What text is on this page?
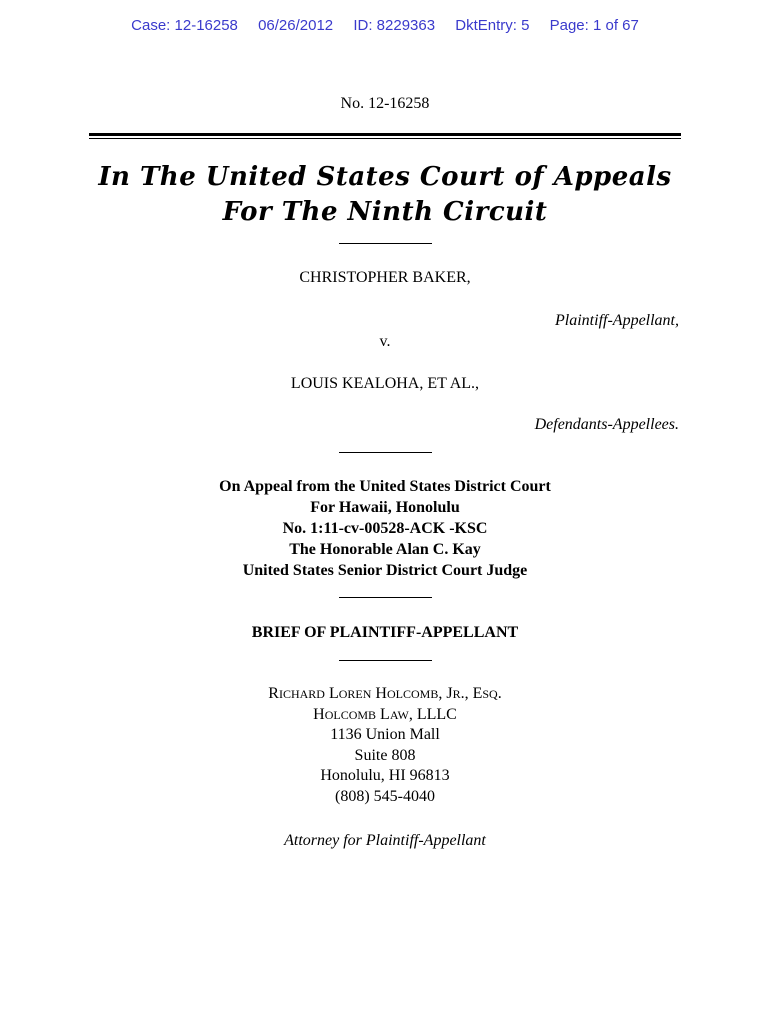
Case: 12-16258 06/26/2012 ID: 8229363 DktEntry: 5 Page: 1 of 67
No. 12-16258
In The United States Court of Appeals
For The Ninth Circuit
CHRISTOPHER BAKER,
Plaintiff-Appellant,
v.
LOUIS KEALOHA, ET AL.,
Defendants-Appellees.
On Appeal from the United States District Court
For Hawaii, Honolulu
No. 1:11-cv-00528-ACK -KSC
The Honorable Alan C. Kay
United States Senior District Court Judge
BRIEF OF PLAINTIFF-APPELLANT
RICHARD LOREN HOLCOMB, JR., ESQ.
HOLCOMB LAW, LLLC
1136 Union Mall
Suite 808
Honolulu, HI 96813
(808) 545-4040
Attorney for Plaintiff-Appellant
